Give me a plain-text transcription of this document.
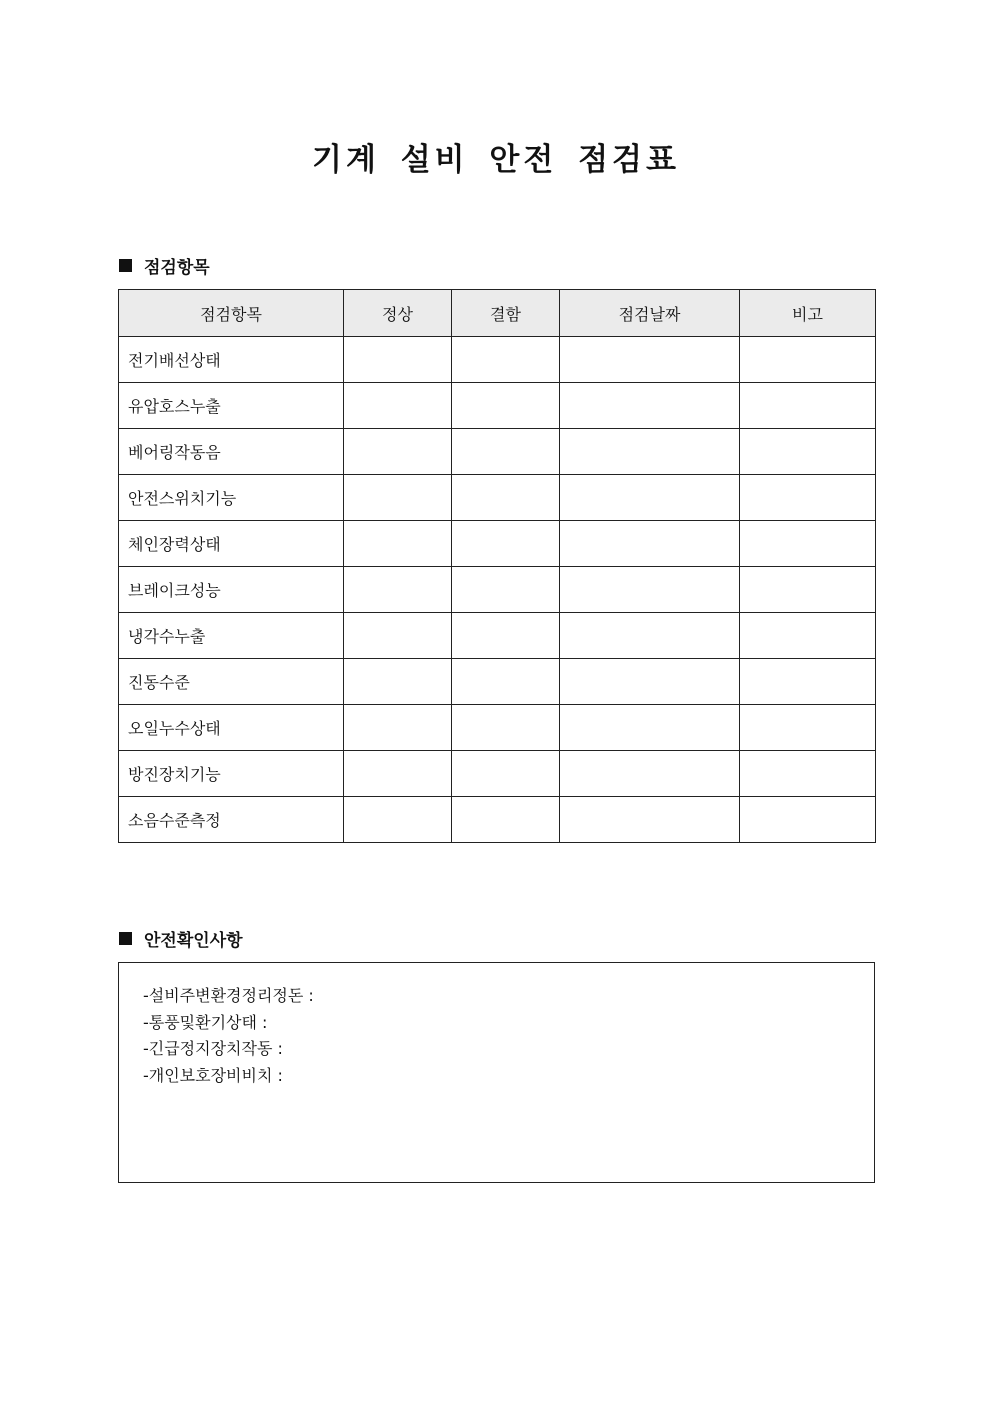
기계 설비 안전 점검표
점검항목
점검항목	정상	결함	점검날짜	비고
전기배선상태				
유압호스누출				
베어링작동음				
안전스위치기능				
체인장력상태				
브레이크성능				
냉각수누출				
진동수준				
오일누수상태				
방진장치기능				
소음수준측정				
안전확인사항
-설비주변환경정리정돈 :
-통풍및환기상태 :
-긴급정지장치작동 :
-개인보호장비비치 :
